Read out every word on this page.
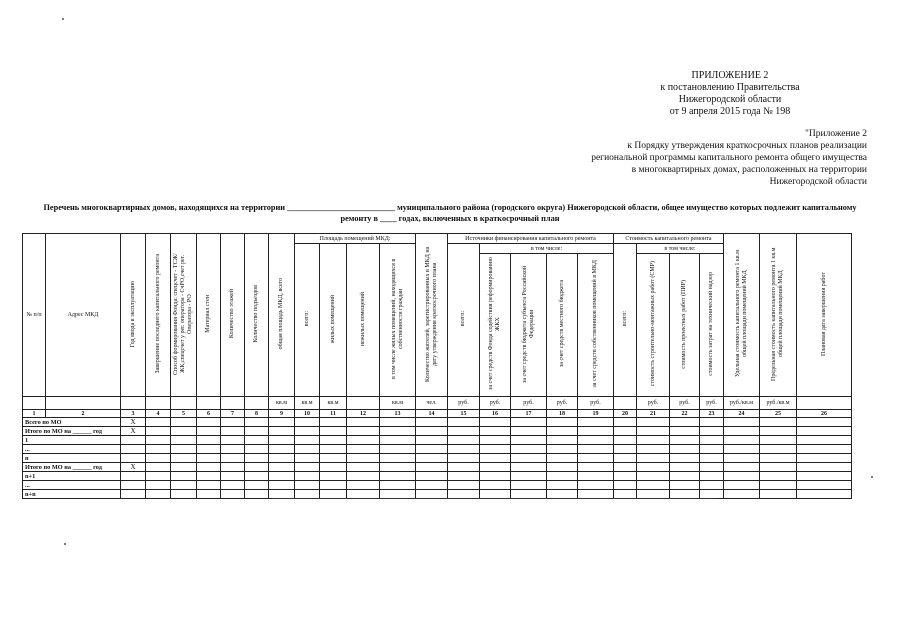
ПРИЛОЖЕНИЕ 2
к постановлению Правительства
Нижегородской области
от 9 апреля 2015 года № 198
"Приложение 2
к Порядку утверждения краткосрочных планов реализации
региональной программы капитального ремонта общего имущества
в многоквартирных домах, расположенных на территории
Нижегородской области
Перечень многоквартирных домов, находящихся на территории __________________________ муниципального района (городского округа) Нижегородской области, общее имущество которых подлежит капитальному
ремонту в ____ годах, включенных в краткосрочный план
№ п/п	Адрес МКД	Год ввода в эксплуатацию	Завершение последнего капитального ремонта	Способ формирования Фонда: спецсчет - ТСЖ/ЖК,спецсчет у рег. оператора - СчРО,счет рег. Оператора - РО	Материал стен	Количество этажей	Количество подъездов	общая площадь МКД, всего	Площадь помещений МКД:				Количество жителей, зарегистрированных в МКД на дату утверждения краткосрочного плана	Источники финансирования капитального ремонта					Стоимость капитального ремонта				Удельная стоимость капитального ремонта 1 кв.м общей площади помещений МКД	Предельная стоимость капитального ремонта 1 кв.м общей площади помещений МКД	Плановая дата завершения работ
									всего:	жилых помещений	нежилых помещений	в том числе жилых помещений, находящихся в собственности граждан		всего:	в том числе:				всего:	в том числе:					
															за счет средств Фонда содействия реформированию ЖКХ	за счет средств бюджета субъекта Российской Федерации	за счет средств местного бюджета	за счет средств собственников помещений в МКД		стоимость строительно-монтажных работ (СМР)	стоимость проектных работ (ПИР)	стоимость затрат на технический надзор			
								кв.м	кв.м	кв.м		кв.м	чел.	руб.	руб.	руб.	руб.	руб.		руб.	руб.	руб.	руб./кв.м	руб./кв.м	
1	2	3	4	5	6	7	8	9	10	11	12	13	14	15	16	17	18	19	20	21	22	23	24	25	26
Всего по МО		X																							
Итого по МО на ______ год		X																							
1																									
...																									
n																									
Итого по МО на ______ год		X																							
n+1																									
...																									
n+n																									
